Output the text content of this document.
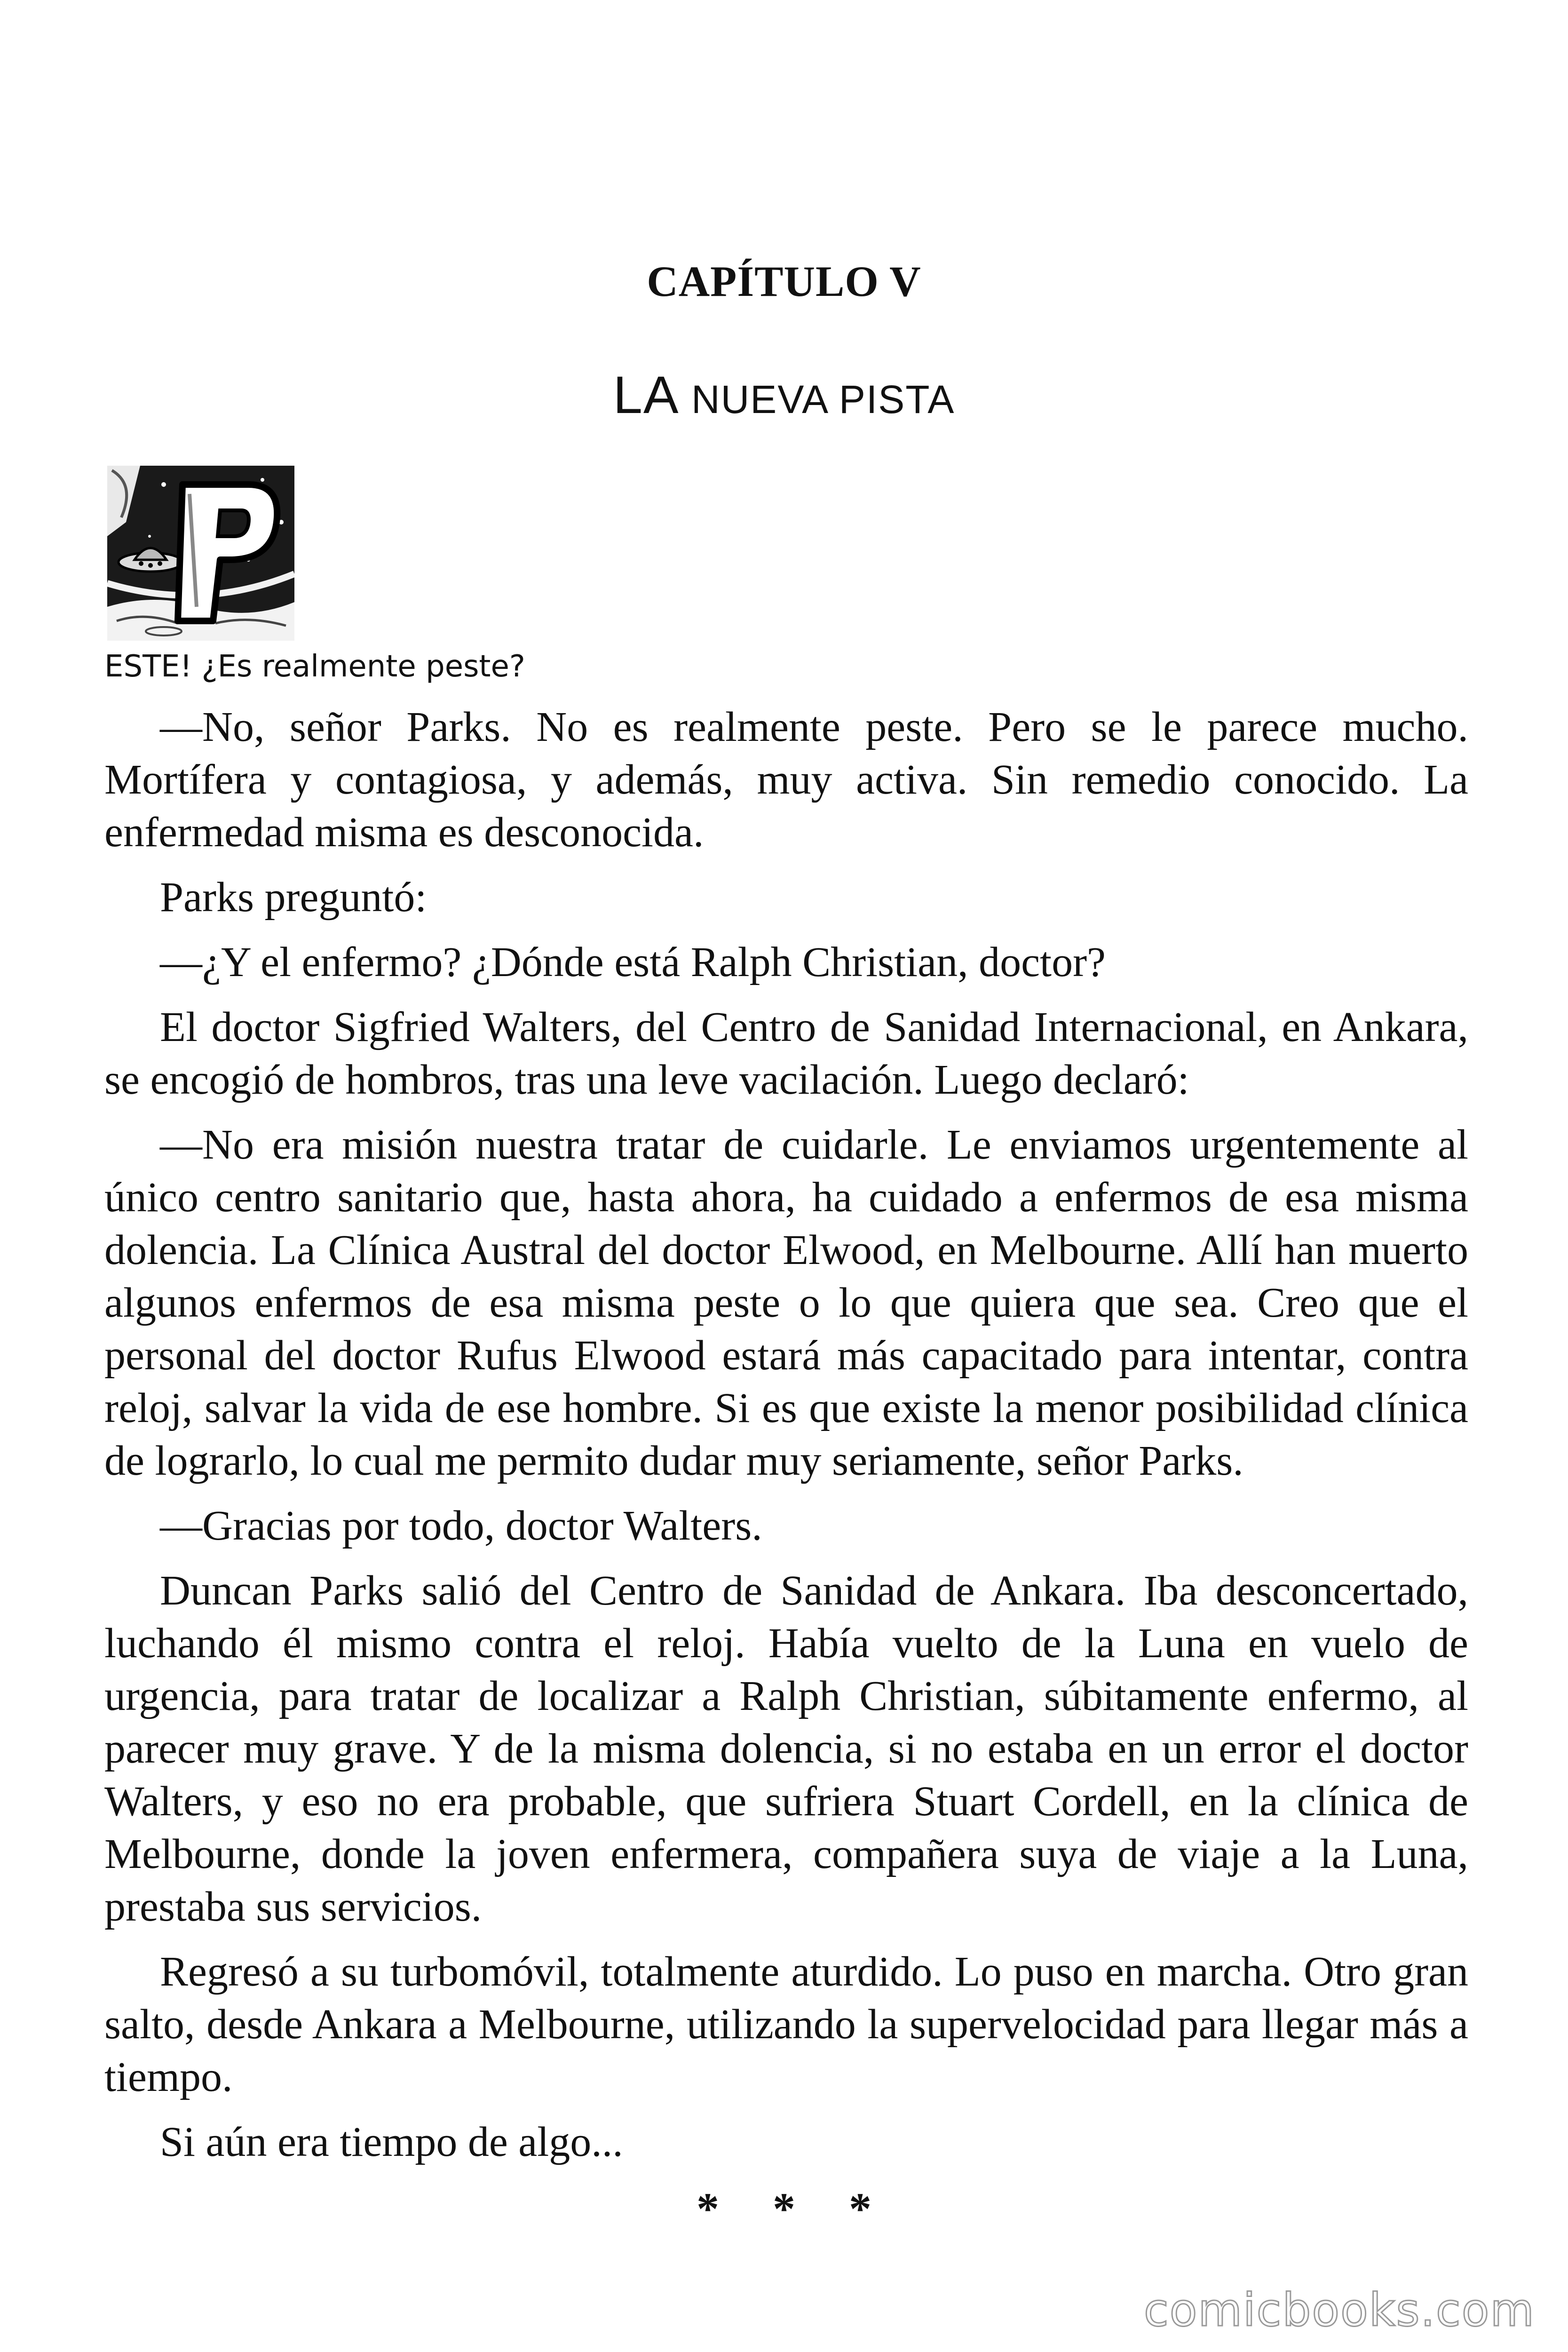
CAPÍTULO V
LA NUEVA PISTA
ESTE! ¿Es realmente peste?

—No, señor Parks. No es realmente peste. Pero se le parece mucho. Mortífera y contagiosa, y además, muy activa. Sin remedio conocido. La enfermedad misma es desconocida.

Parks preguntó:

—¿Y el enfermo? ¿Dónde está Ralph Christian, doctor?

El doctor Sigfried Walters, del Centro de Sanidad Internacional, en Ankara, se encogió de hombros, tras una leve vacilación. Luego declaró:

—No era misión nuestra tratar de cuidarle. Le enviamos urgentemente al único centro sanitario que, hasta ahora, ha cuidado a enfermos de esa misma dolencia. La Clínica Austral del doctor Elwood, en Melbourne. Allí han muerto algunos enfermos de esa misma peste o lo que quiera que sea. Creo que el personal del doctor Rufus Elwood estará más capacitado para intentar, contra reloj, salvar la vida de ese hombre. Si es que existe la menor posibilidad clínica de lograrlo, lo cual me permito dudar muy seriamente, señor Parks.

—Gracias por todo, doctor Walters.

Duncan Parks salió del Centro de Sanidad de Ankara. Iba desconcertado, luchando él mismo contra el reloj. Había vuelto de la Luna en vuelo de urgencia, para tratar de localizar a Ralph Christian, súbitamente enfermo, al parecer muy grave. Y de la misma dolencia, si no estaba en un error el doctor Walters, y eso no era probable, que sufriera Stuart Cordell, en la clínica de Melbourne, donde la joven enfermera, compañera suya de viaje a la Luna, prestaba sus servicios.

Regresó a su turbomóvil, totalmente aturdido. Lo puso en marcha. Otro gran salto, desde Ankara a Melbourne, utilizando la supervelocidad para llegar más a tiempo.

Si aún era tiempo de algo...

* * *
comicbooks.com
